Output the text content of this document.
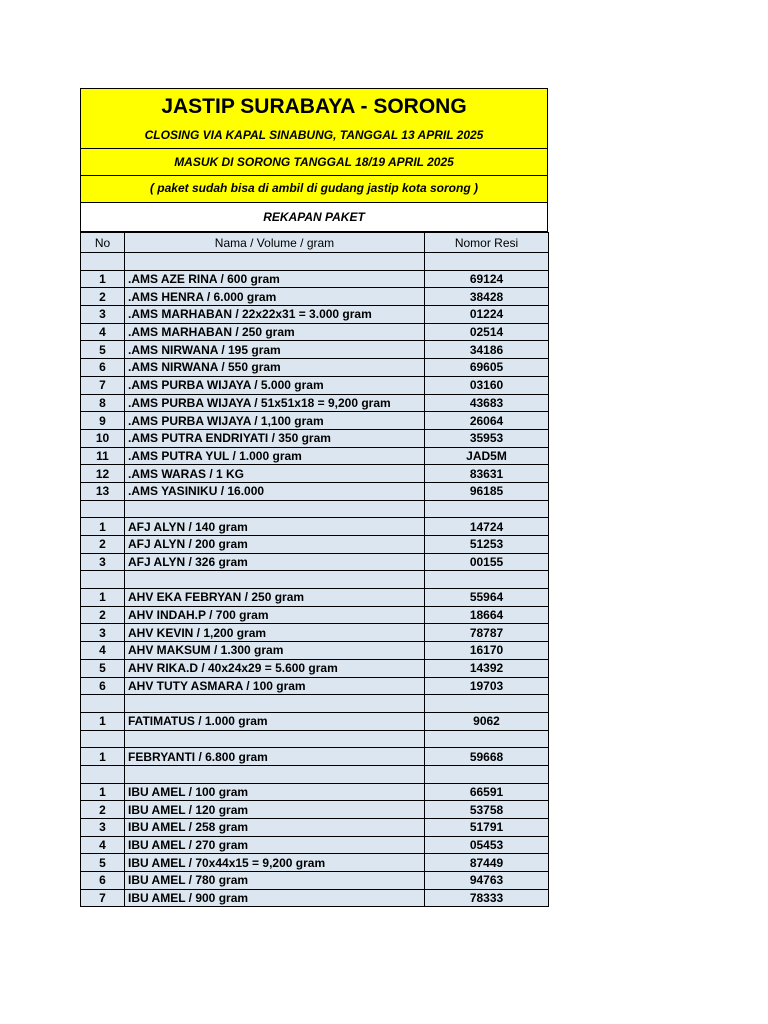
JASTIP SURABAYA - SORONG
CLOSING VIA KAPAL SINABUNG, TANGGAL 13 APRIL 2025
MASUK DI SORONG TANGGAL 18/19 APRIL 2025
( paket sudah bisa di ambil di gudang jastip kota sorong )
REKAPAN PAKET
No	Nama / Volume / gram	Nomor Resi

1	.AMS AZE RINA / 600 gram	69124
2	.AMS HENRA / 6.000 gram	38428
3	.AMS MARHABAN / 22x22x31 = 3.000 gram	01224
4	.AMS MARHABAN / 250 gram	02514
5	.AMS NIRWANA / 195 gram	34186
6	.AMS NIRWANA / 550 gram	69605
7	.AMS PURBA WIJAYA / 5.000 gram	03160
8	.AMS PURBA WIJAYA / 51x51x18 = 9,200 gram	43683
9	.AMS PURBA WIJAYA / 1,100 gram	26064
10	.AMS PUTRA ENDRIYATI / 350 gram	35953
11	.AMS PUTRA YUL / 1.000 gram	JAD5M
12	.AMS WARAS / 1 KG	83631
13	.AMS YASINIKU / 16.000	96185

1	AFJ ALYN / 140 gram	14724
2	AFJ ALYN / 200 gram	51253
3	AFJ ALYN / 326 gram	00155

1	AHV EKA FEBRYAN / 250 gram	55964
2	AHV INDAH.P / 700 gram	18664
3	AHV KEVIN / 1,200 gram	78787
4	AHV MAKSUM / 1.300 gram	16170
5	AHV RIKA.D / 40x24x29 = 5.600 gram	14392
6	AHV TUTY ASMARA / 100 gram	19703

1	FATIMATUS / 1.000 gram	9062

1	FEBRYANTI / 6.800 gram	59668

1	IBU AMEL / 100 gram	66591
2	IBU AMEL / 120 gram	53758
3	IBU AMEL / 258 gram	51791
4	IBU AMEL / 270 gram	05453
5	IBU AMEL / 70x44x15 = 9,200 gram	87449
6	IBU AMEL / 780 gram	94763
7	IBU AMEL / 900 gram	78333
